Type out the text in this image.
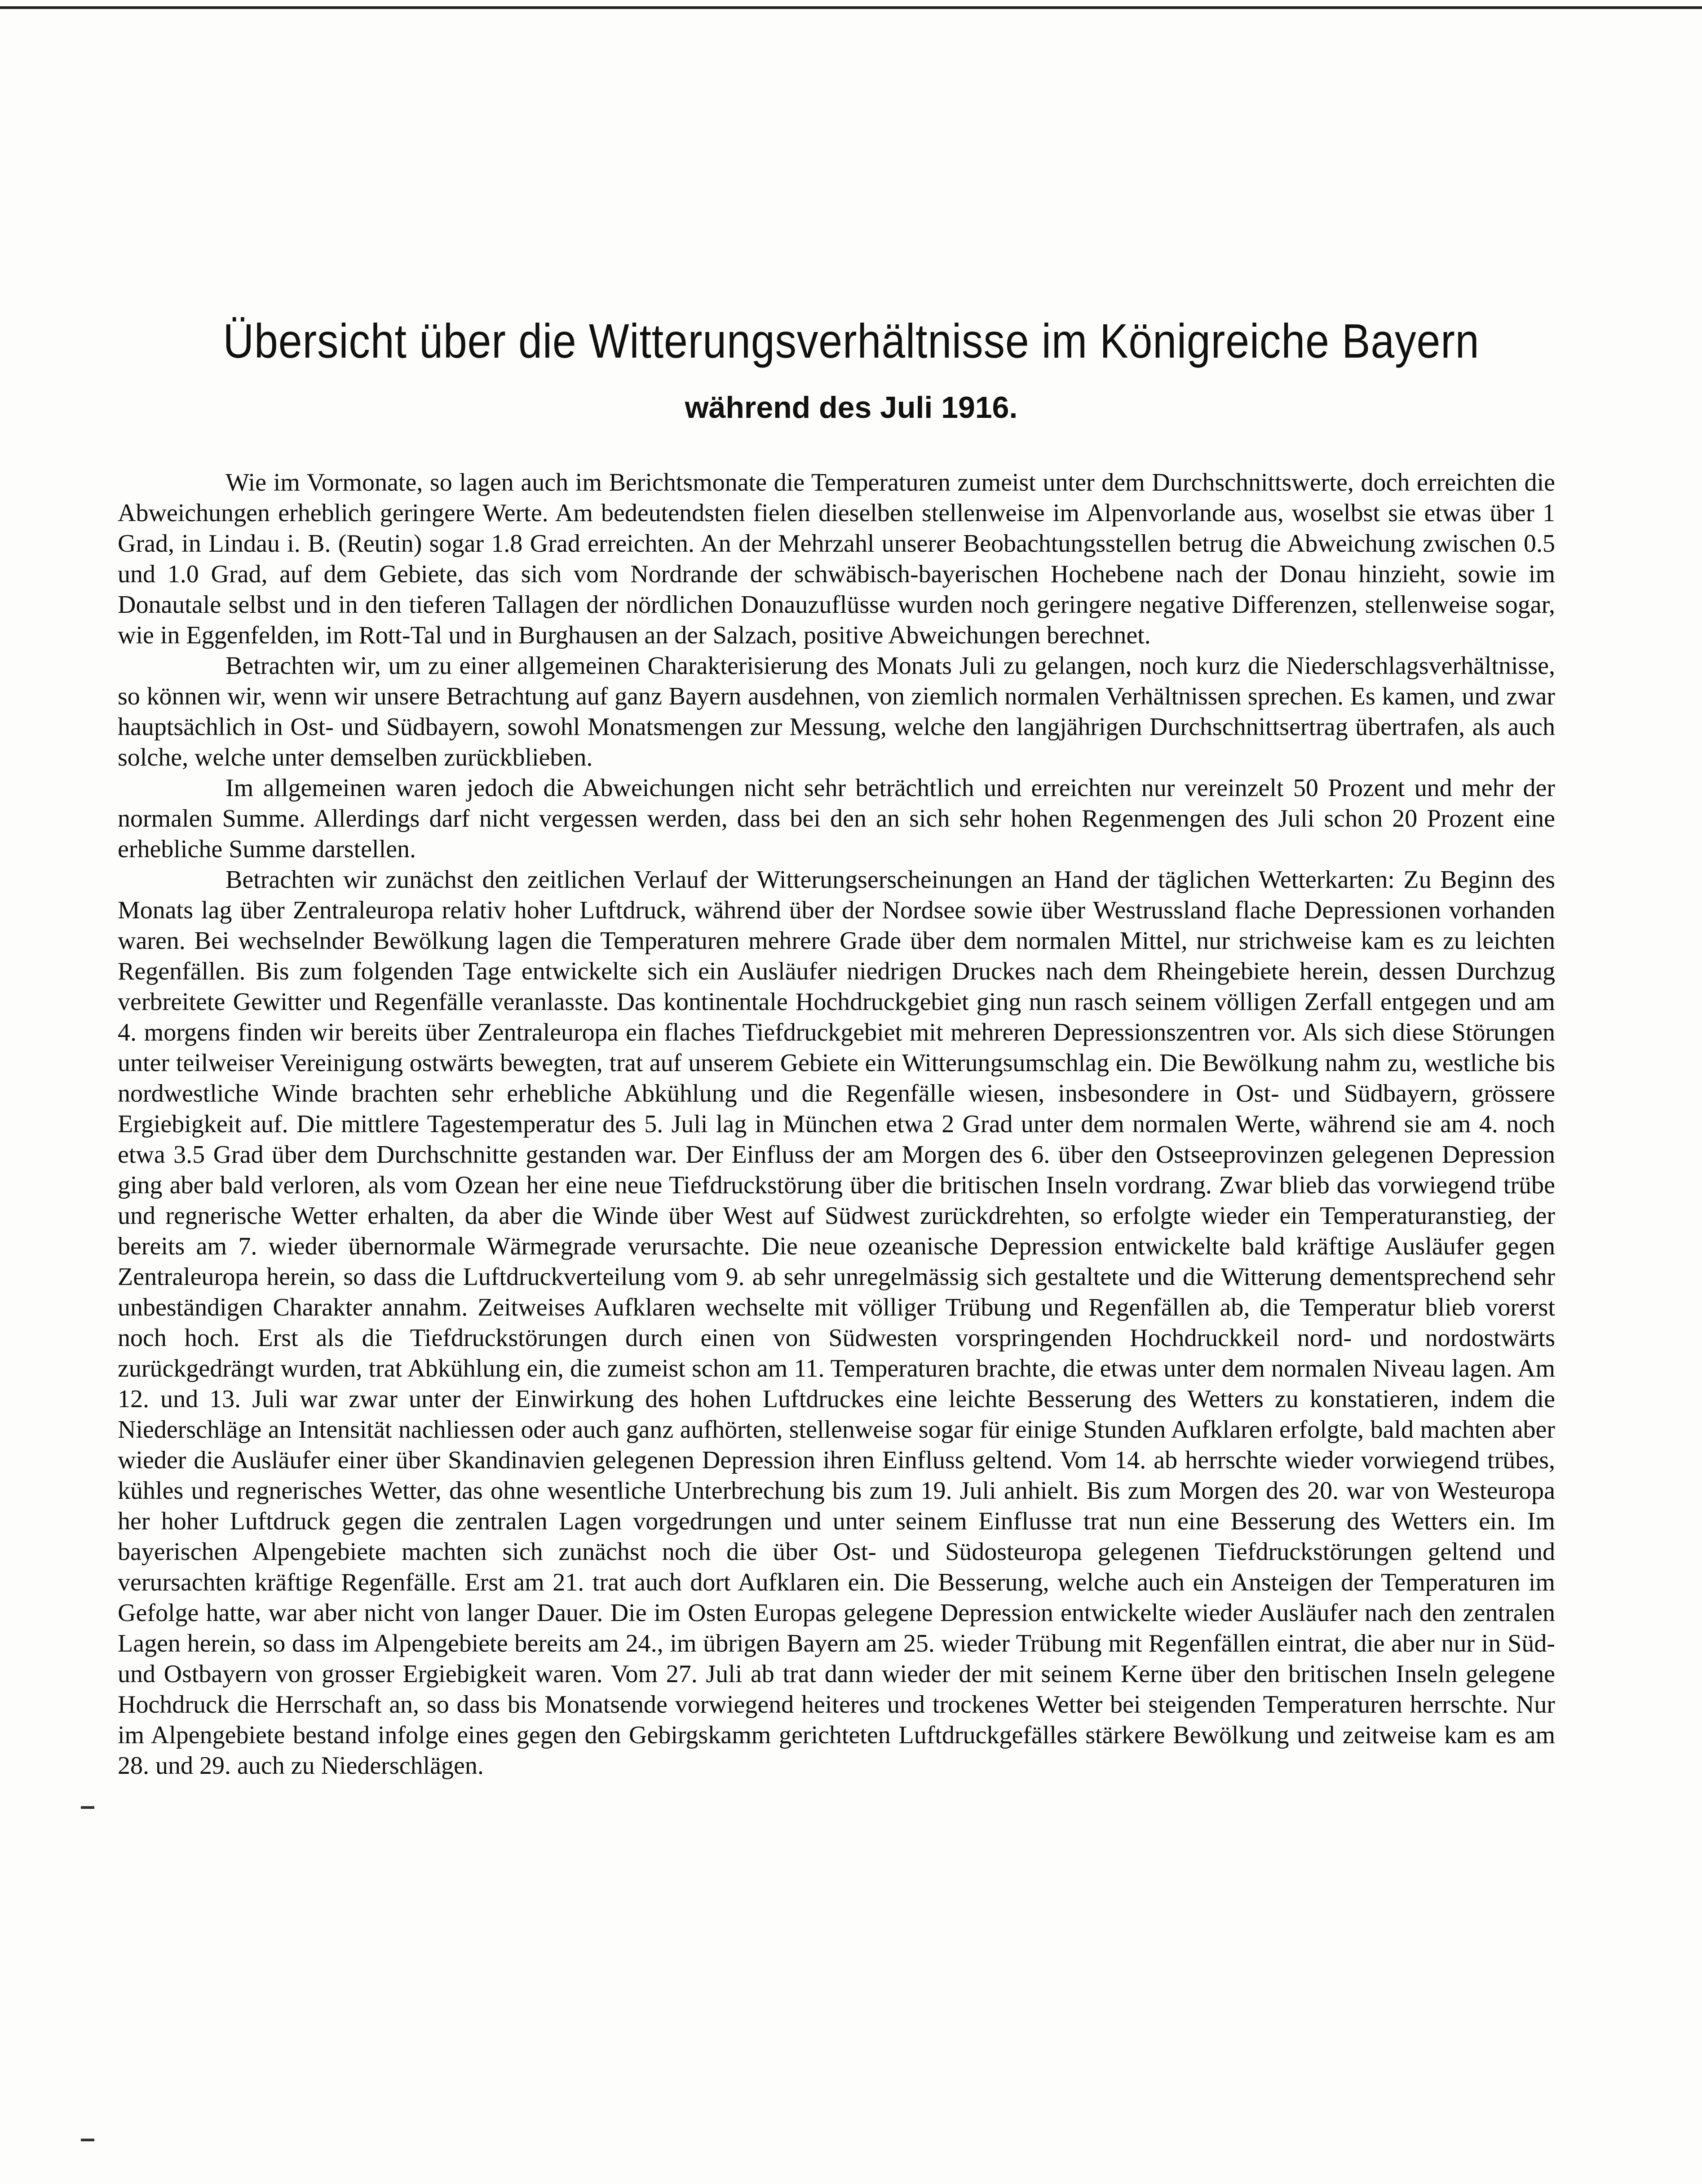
Übersicht über die Witterungsverhältnisse im Königreiche Bayern
während des Juli 1916.

Wie im Vormonate, so lagen auch im Berichtsmonate die Temperaturen zumeist unter dem Durchschnittswerte, doch erreichten die Abweichungen erheblich geringere Werte. Am bedeutendsten fielen dieselben stellenweise im Alpenvorlande aus, woselbst sie etwas über 1 Grad, in Lindau i. B. (Reutin) sogar 1.8 Grad erreichten. An der Mehrzahl unserer Beobachtungsstellen betrug die Abweichung zwischen 0.5 und 1.0 Grad, auf dem Gebiete, das sich vom Nordrande der schwäbisch-bayerischen Hochebene nach der Donau hinzieht, sowie im Donautale selbst und in den tieferen Tallagen der nördlichen Donauzuflüsse wurden noch geringere negative Differenzen, stellenweise sogar, wie in Eggenfelden, im Rott-Tal und in Burghausen an der Salzach, positive Abweichungen berechnet.

Betrachten wir, um zu einer allgemeinen Charakterisierung des Monats Juli zu gelangen, noch kurz die Niederschlagsverhältnisse, so können wir, wenn wir unsere Betrachtung auf ganz Bayern ausdehnen, von ziemlich normalen Verhältnissen sprechen. Es kamen, und zwar hauptsächlich in Ost- und Südbayern, sowohl Monatsmengen zur Messung, welche den langjährigen Durchschnittsertrag übertrafen, als auch solche, welche unter demselben zurückblieben.

Im allgemeinen waren jedoch die Abweichungen nicht sehr beträchtlich und erreichten nur vereinzelt 50 Prozent und mehr der normalen Summe. Allerdings darf nicht vergessen werden, dass bei den an sich sehr hohen Regenmengen des Juli schon 20 Prozent eine erhebliche Summe darstellen.

Betrachten wir zunächst den zeitlichen Verlauf der Witterungserscheinungen an Hand der täglichen Wetterkarten: Zu Beginn des Monats lag über Zentraleuropa relativ hoher Luftdruck, während über der Nordsee sowie über Westrussland flache Depressionen vorhanden waren. Bei wechselnder Bewölkung lagen die Temperaturen mehrere Grade über dem normalen Mittel, nur strichweise kam es zu leichten Regenfällen. Bis zum folgenden Tage entwickelte sich ein Ausläufer niedrigen Druckes nach dem Rheingebiete herein, dessen Durchzug verbreitete Gewitter und Regenfälle veranlasste. Das kontinentale Hochdruckgebiet ging nun rasch seinem völligen Zerfall entgegen und am 4. morgens finden wir bereits über Zentraleuropa ein flaches Tiefdruckgebiet mit mehreren Depressionszentren vor. Als sich diese Störungen unter teilweiser Vereinigung ostwärts bewegten, trat auf unserem Gebiete ein Witterungsumschlag ein. Die Bewölkung nahm zu, westliche bis nordwestliche Winde brachten sehr erhebliche Abkühlung und die Regenfälle wiesen, insbesondere in Ost- und Südbayern, grössere Ergiebigkeit auf. Die mittlere Tagestemperatur des 5. Juli lag in München etwa 2 Grad unter dem normalen Werte, während sie am 4. noch etwa 3.5 Grad über dem Durchschnitte gestanden war. Der Einfluss der am Morgen des 6. über den Ostseeprovinzen gelegenen Depression ging aber bald verloren, als vom Ozean her eine neue Tiefdruckstörung über die britischen Inseln vordrang. Zwar blieb das vorwiegend trübe und regnerische Wetter erhalten, da aber die Winde über West auf Südwest zurückdrehten, so erfolgte wieder ein Temperaturanstieg, der bereits am 7. wieder übernormale Wärmegrade verursachte. Die neue ozeanische Depression entwickelte bald kräftige Ausläufer gegen Zentraleuropa herein, so dass die Luftdruckverteilung vom 9. ab sehr unregelmässig sich gestaltete und die Witterung dementsprechend sehr unbeständigen Charakter annahm. Zeitweises Aufklaren wechselte mit völliger Trübung und Regenfällen ab, die Temperatur blieb vorerst noch hoch. Erst als die Tiefdruckstörungen durch einen von Südwesten vorspringenden Hochdruckkeil nord- und nordostwärts zurückgedrängt wurden, trat Abkühlung ein, die zumeist schon am 11. Temperaturen brachte, die etwas unter dem normalen Niveau lagen. Am 12. und 13. Juli war zwar unter der Einwirkung des hohen Luftdruckes eine leichte Besserung des Wetters zu konstatieren, indem die Niederschläge an Intensität nachliessen oder auch ganz aufhörten, stellenweise sogar für einige Stunden Aufklaren erfolgte, bald machten aber wieder die Ausläufer einer über Skandinavien gelegenen Depression ihren Einfluss geltend. Vom 14. ab herrschte wieder vorwiegend trübes, kühles und regnerisches Wetter, das ohne wesentliche Unterbrechung bis zum 19. Juli anhielt. Bis zum Morgen des 20. war von Westeuropa her hoher Luftdruck gegen die zentralen Lagen vorgedrungen und unter seinem Einflusse trat nun eine Besserung des Wetters ein. Im bayerischen Alpengebiete machten sich zunächst noch die über Ost- und Südosteuropa gelegenen Tiefdruckstörungen geltend und verursachten kräftige Regenfälle. Erst am 21. trat auch dort Aufklaren ein. Die Besserung, welche auch ein Ansteigen der Temperaturen im Gefolge hatte, war aber nicht von langer Dauer. Die im Osten Europas gelegene Depression entwickelte wieder Ausläufer nach den zentralen Lagen herein, so dass im Alpengebiete bereits am 24., im übrigen Bayern am 25. wieder Trübung mit Regenfällen eintrat, die aber nur in Süd- und Ostbayern von grosser Ergiebigkeit waren. Vom 27. Juli ab trat dann wieder der mit seinem Kerne über den britischen Inseln gelegene Hochdruck die Herrschaft an, so dass bis Monatsende vorwiegend heiteres und trockenes Wetter bei steigenden Temperaturen herrschte. Nur im Alpengebiete bestand infolge eines gegen den Gebirgskamm gerichteten Luftdruckgefälles stärkere Bewölkung und zeitweise kam es am 28. und 29. auch zu Niederschlägen.
